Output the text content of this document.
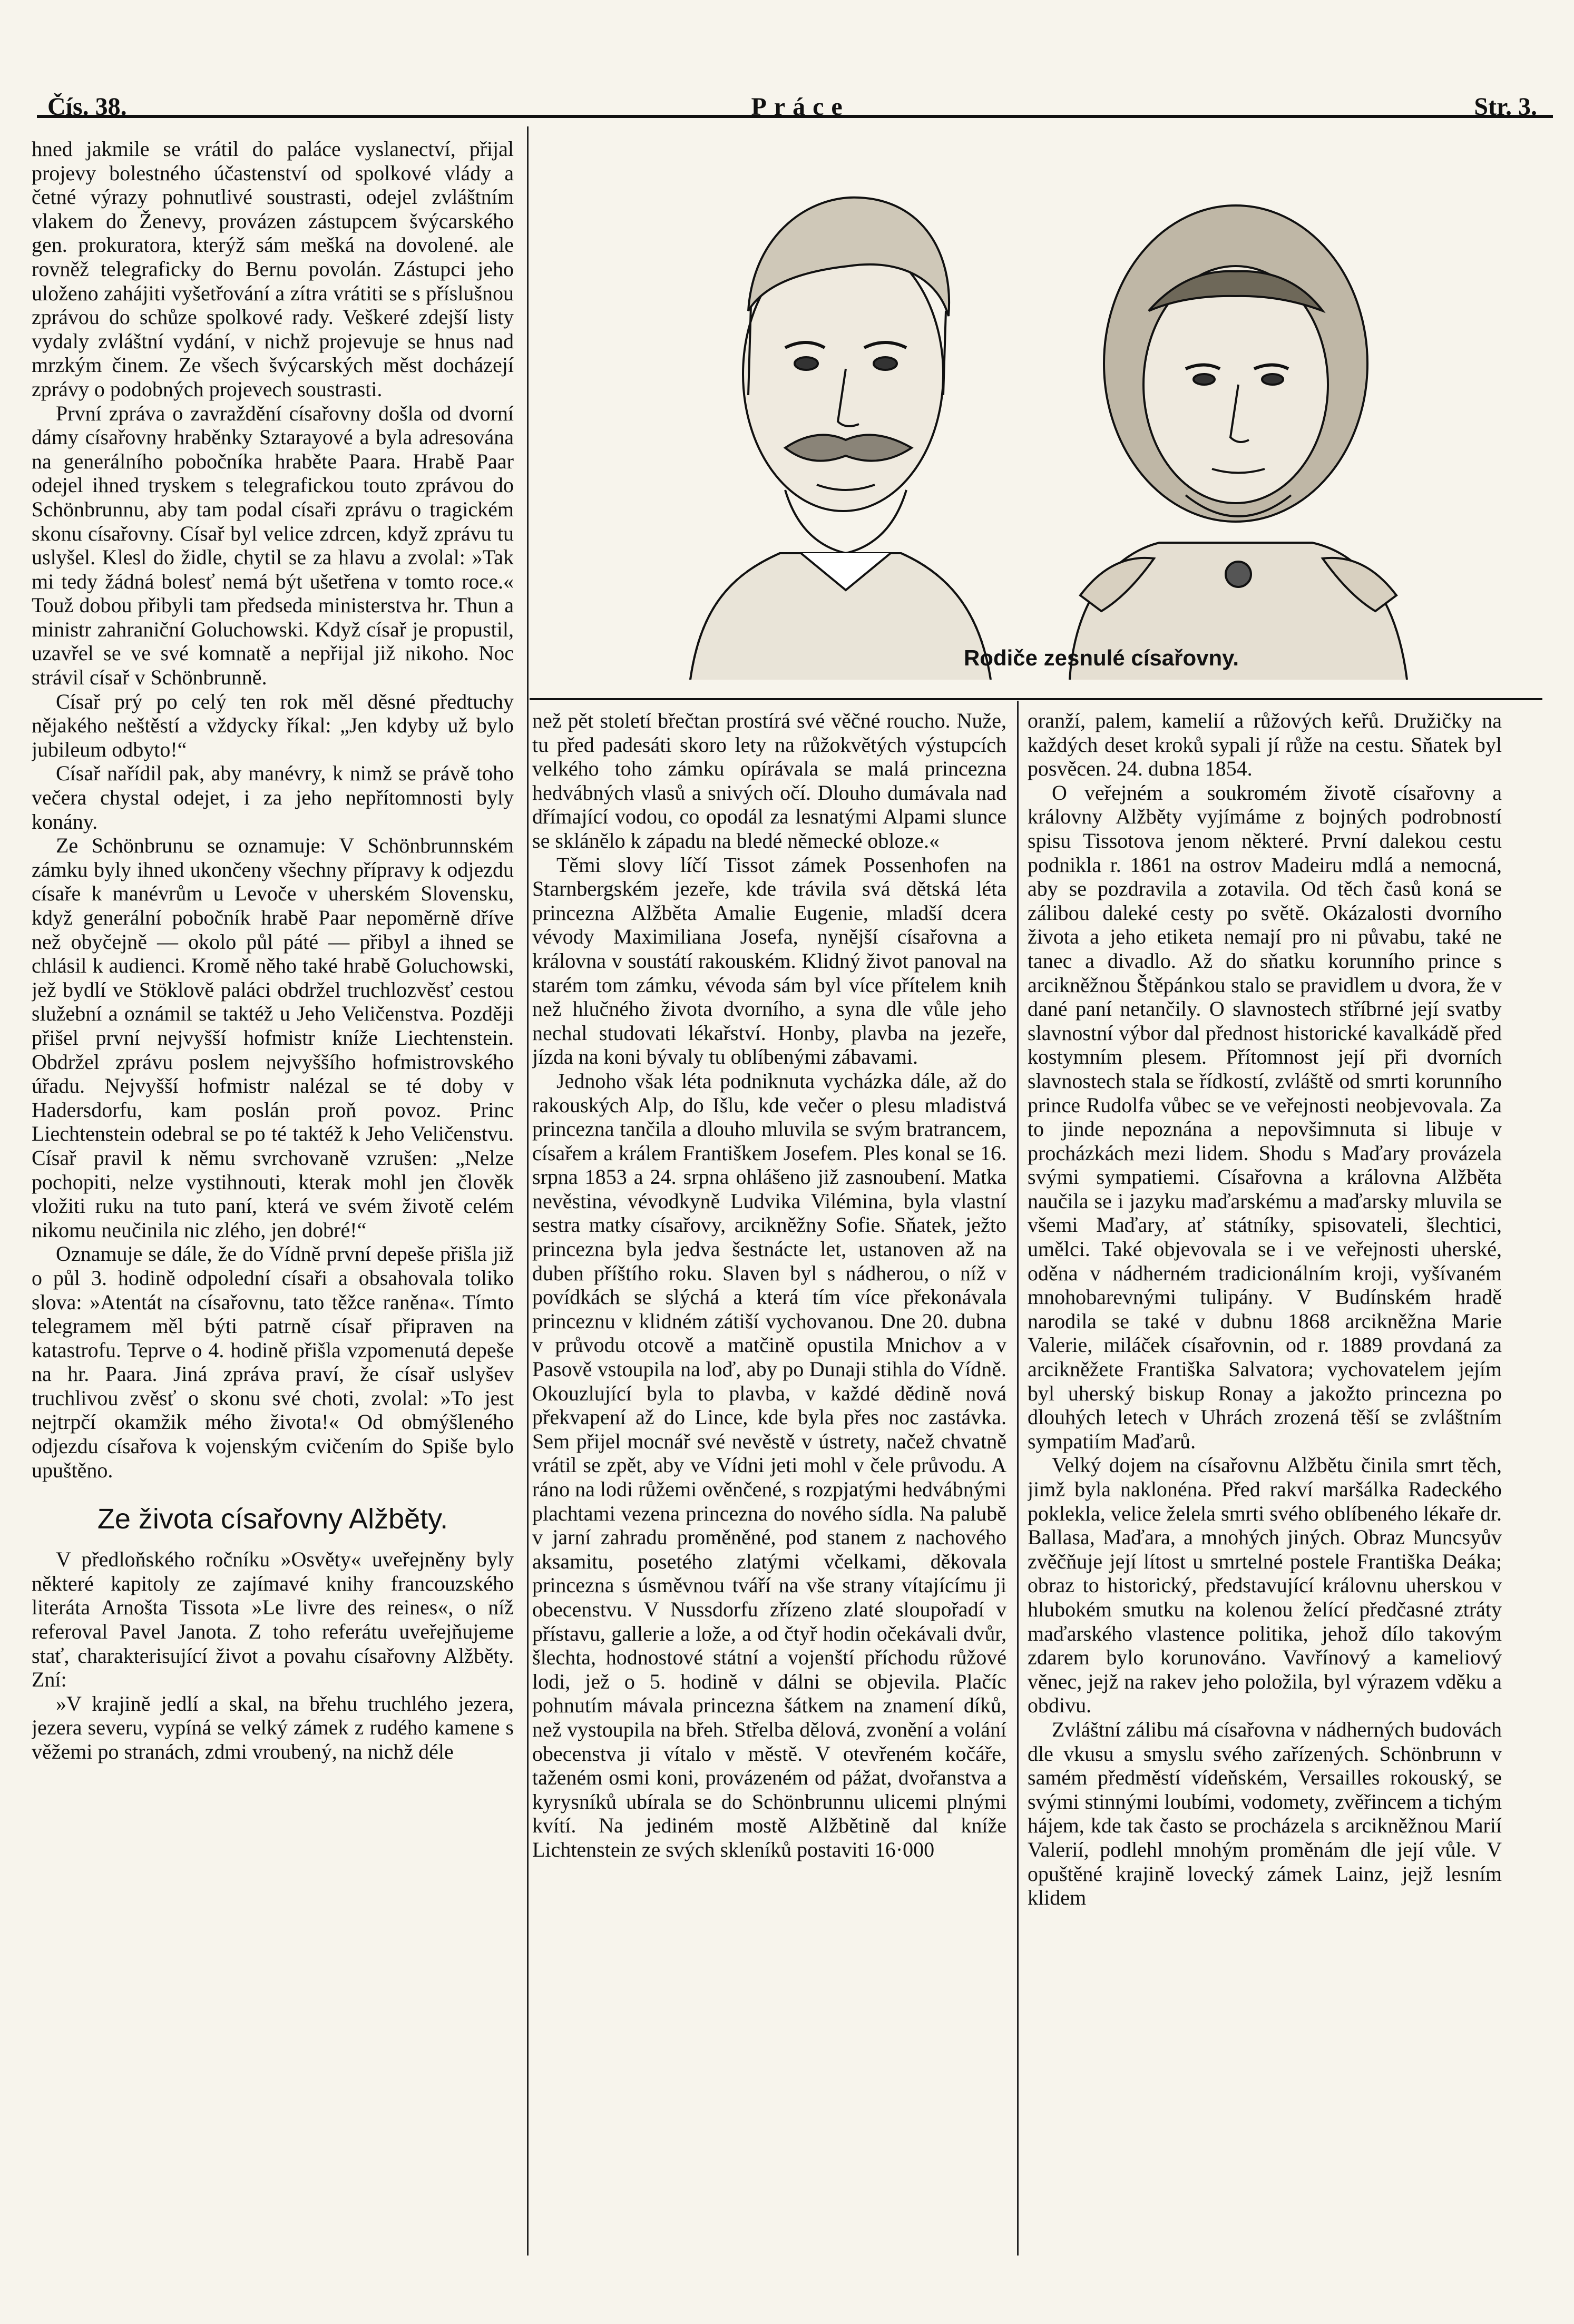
Čís. 38.	Práce	Str. 3.

hned jakmile se vrátil do paláce vyslanectví, přijal projevy bolestného účastenství od spolkové vlády a četné výrazy pohnutlivé soustrasti, odejel zvláštním vlakem do Ženevy, provázen zástupcem švýcarského gen. prokuratora, kterýž sám mešká na dovolené. ale rovněž telegraficky do Bernu povolán. Zástupci jeho uloženo zahájiti vyšetřování a zítra vrátiti se s příslušnou zprávou do schůze spolkové rady. Veškeré zdejší listy vydaly zvláštní vydání, v nichž projevuje se hnus nad mrzkým činem. Ze všech švýcarských měst docházejí zprávy o podobných projevech soustrasti.

První zpráva o zavraždění císařovny došla od dvorní dámy císařovny hraběnky Sztarayové a byla adresována na generálního pobočníka hraběte Paara. Hrabě Paar odejel ihned tryskem s telegrafickou touto zprávou do Schönbrunnu, aby tam podal císaři zprávu o tragickém skonu císařovny. Císař byl velice zdrcen, když zprávu tu uslyšel. Klesl do židle, chytil se za hlavu a zvolal: »Tak mi tedy žádná bolesť nemá být ušetřena v tomto roce.« Touž dobou přibyli tam předseda ministerstva hr. Thun a ministr zahraniční Goluchowski. Když císař je propustil, uzavřel se ve své komnatě a nepřijal již nikoho. Noc strávil císař v Schönbrunně.

Císař prý po celý ten rok měl děsné předtuchy nějakého neštěstí a vždycky říkal: „Jen kdyby už bylo jubileum odbyto!“

Císař nařídil pak, aby manévry, k nimž se právě toho večera chystal odejet, i za jeho nepřítomnosti byly konány.

Ze Schönbrunu se oznamuje: V Schönbrunnském zámku byly ihned ukončeny všechny přípravy k odjezdu císaře k manévrům u Levoče v uherském Slovensku, když generální pobočník hrabě Paar nepoměrně dříve než obyčejně — okolo půl páté — přibyl a ihned se chlásil k audienci. Kromě něho také hrabě Goluchowski, jež bydlí ve Stöklově paláci obdržel truchlozvěsť cestou služební a oznámil se taktéž u Jeho Veličenstva. Později přišel první nejvyšší hofmistr kníže Liechtenstein. Obdržel zprávu poslem nejvyššího hofmistrovského úřadu. Nejvyšší hofmistr nalézal se té doby v Hadersdorfu, kam poslán proň povoz. Princ Liechtenstein odebral se po té taktéž k Jeho Veličenstvu. Císař pravil k němu svrchovaně vzrušen: „Nelze pochopiti, nelze vystihnouti, kterak mohl jen člověk vložiti ruku na tuto paní, která ve svém životě celém nikomu neučinila nic zlého, jen dobré!“

Oznamuje se dále, že do Vídně první depeše přišla již o půl 3. hodině odpolední císaři a obsahovala toliko slova: »Atentát na císařovnu, tato těžce raněna«. Tímto telegramem měl býti patrně císař připraven na katastrofu. Teprve o 4. hodině přišla vzpomenutá depeše na hr. Paara. Jiná zpráva praví, že císař uslyšev truchlivou zvěsť o skonu své choti, zvolal: »To jest nejtrpčí okamžik mého života!« Od obmýšleného odjezdu císařova k vojenským cvičením do Spiše bylo upuštěno.

Ze života císařovny Alžběty.

V předloňského ročníku »Osvěty« uveřejněny byly některé kapitoly ze zajímavé knihy francouzského literáta Arnošta Tissota »Le livre des reines«, o níž referoval Pavel Janota. Z toho referátu uveřejňujeme stať, charakterisující život a povahu císařovny Alžběty. Zní:

»V krajině jedlí a skal, na břehu truchlého jezera, jezera severu, vypíná se velký zámek z rudého kamene s věžemi po stranách, zdmi vroubený, na nichž déle

Rodiče zesnulé císařovny.

než pět století břečtan prostírá své věčné roucho. Nuže, tu před padesáti skoro lety na růžokvětých výstupcích velkého toho zámku opírávala se malá princezna hedvábných vlasů a snivých očí. Dlouho dumávala nad dřímající vodou, co opodál za lesnatými Alpami slunce se sklánělo k západu na bledé německé obloze.«

Těmi slovy líčí Tissot zámek Possenhofen na Starnbergském jezeře, kde trávila svá dětská léta princezna Alžběta Amalie Eugenie, mladší dcera vévody Maximiliana Josefa, nynější císařovna a královna v soustátí rakouském. Klidný život panoval na starém tom zámku, vévoda sám byl více přítelem knih než hlučného života dvorního, a syna dle vůle jeho nechal studovati lékařství. Honby, plavba na jezeře, jízda na koni bývaly tu oblíbenými zábavami.

Jednoho však léta podniknuta vycházka dále, až do rakouských Alp, do Išlu, kde večer o plesu mladistvá princezna tančila a dlouho mluvila se svým bratrancem, císařem a králem Františkem Josefem. Ples konal se 16. srpna 1853 a 24. srpna ohlášeno již zasnoubení. Matka nevěstina, vévodkyně Ludvika Vilémina, byla vlastní sestra matky císařovy, arcikněžny Sofie. Sňatek, ježto princezna byla jedva šestnácte let, ustanoven až na duben příštího roku. Slaven byl s nádherou, o níž v povídkách se slýchá a která tím více překonávala princeznu v klidném zátiší vychovanou. Dne 20. dubna v průvodu otcově a matčině opustila Mnichov a v Pasově vstoupila na loď, aby po Dunaji stihla do Vídně. Okouzlující byla to plavba, v každé dědině nová překvapení až do Lince, kde byla přes noc zastávka. Sem přijel mocnář své nevěstě v ústrety, načež chvatně vrátil se zpět, aby ve Vídni jeti mohl v čele průvodu. A ráno na lodi růžemi ověnčené, s rozpjatými hedvábnými plachtami vezena princezna do nového sídla. Na palubě v jarní zahradu proměněné, pod stanem z nachového aksamitu, posetého zlatými včelkami, děkovala princezna s úsměvnou tváří na vše strany vítajícímu ji obecenstvu. V Nussdorfu zřízeno zlaté sloupořadí v přístavu, gallerie a lože, a od čtyř hodin očekávali dvůr, šlechta, hodnostové státní a vojenští příchodu růžové lodi, jež o 5. hodině v dálni se objevila. Plačíc pohnutím mávala princezna šátkem na znamení díků, než vystoupila na břeh. Střelba dělová, zvonění a volání obecenstva ji vítalo v městě. V otevřeném kočáře, taženém osmi koni, provázeném od pážat, dvořanstva a kyrysníků ubírala se do Schönbrunnu ulicemi plnými kvítí. Na jediném mostě Alžbětině dal kníže Lichtenstein ze svých skleníků postaviti 16·000

oranží, palem, kamelií a růžových keřů. Družičky na každých deset kroků sypali jí růže na cestu. Sňatek byl posvěcen. 24. dubna 1854.

O veřejném a soukromém životě císařovny a královny Alžběty vyjímáme z bojných podrobností spisu Tissotova jenom některé. První dalekou cestu podnikla r. 1861 na ostrov Madeiru mdlá a nemocná, aby se pozdravila a zotavila. Od těch časů koná se zálibou daleké cesty po světě. Okázalosti dvorního života a jeho etiketa nemají pro ni půvabu, také ne tanec a divadlo. Až do sňatku korunního prince s arcikněžnou Štěpánkou stalo se pravidlem u dvora, že v dané paní netančily. O slavnostech stříbrné její svatby slavnostní výbor dal přednost historické kavalkádě před kostymním plesem. Přítomnost její při dvorních slavnostech stala se řídkostí, zvláště od smrti korunního prince Rudolfa vůbec se ve veřejnosti neobjevovala. Za to jinde nepoznána a nepovšimnuta si libuje v procházkách mezi lidem. Shodu s Maďary provázela svými sympatiemi. Císařovna a královna Alžběta naučila se i jazyku maďarskému a maďarsky mluvila se všemi Maďary, ať státníky, spisovateli, šlechtici, umělci. Také objevovala se i ve veřejnosti uherské, oděna v nádherném tradicionálním kroji, vyšívaném mnohobarevnými tulipány. V Budínském hradě narodila se také v dubnu 1868 arcikněžna Marie Valerie, miláček císařovnin, od r. 1889 provdaná za arcikněžete Františka Salvatora; vychovatelem jejím byl uherský biskup Ronay a jakožto princezna po dlouhých letech v Uhrách zrozená těší se zvláštním sympatiím Maďarů.

Velký dojem na císařovnu Alžbětu činila smrt těch, jimž byla naklonéna. Před rakví maršálka Radeckého poklekla, velice želela smrti svého oblíbeného lékaře dr. Ballasa, Maďara, a mnohých jiných. Obraz Muncsyův zvěčňuje její lítost u smrtelné postele Františka Deáka; obraz to historický, představující královnu uherskou v hlubokém smutku na kolenou želící předčasné ztráty maďarského vlastence politika, jehož dílo takovým zdarem bylo korunováno. Vavřínový a kameliový věnec, jejž na rakev jeho položila, byl výrazem vděku a obdivu.

Zvláštní zálibu má císařovna v nádherných budovách dle vkusu a smyslu svého zařízených. Schönbrunn v samém předměstí vídeňském, Versailles rokouský, se svými stinnými loubími, vodomety, zvěřincem a tichým hájem, kde tak často se procházela s arcikněžnou Marií Valerií, podlehl mnohým proměnám dle její vůle. V opuštěné krajině lovecký zámek Lainz, jejž lesním klidem
